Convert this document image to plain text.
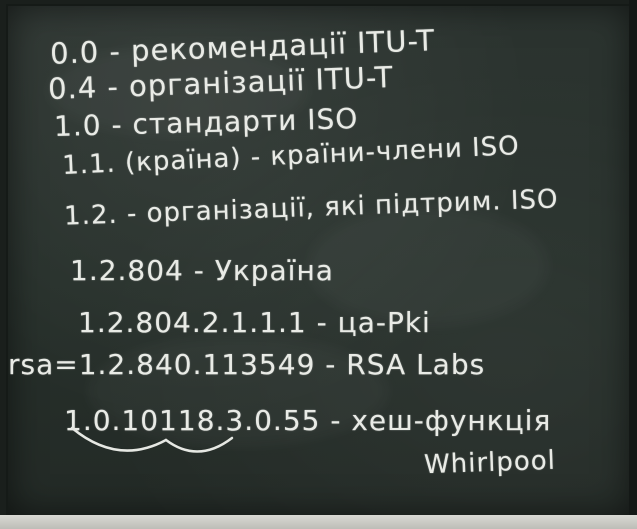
0.0 - рекомендації ITU-T
0.4 - організації ITU-T
1.0 - стандарти ISO
1.1. (країна) - країни-члени ISO
1.2. - організації, які підтрим. ISO
1.2.804 - Україна
1.2.804.2.1.1.1 - ца-Pki
rsa=1.2.840.113549 - RSA Labs
1.0.10118.3.0.55 - хеш-функція
Whirlpool
